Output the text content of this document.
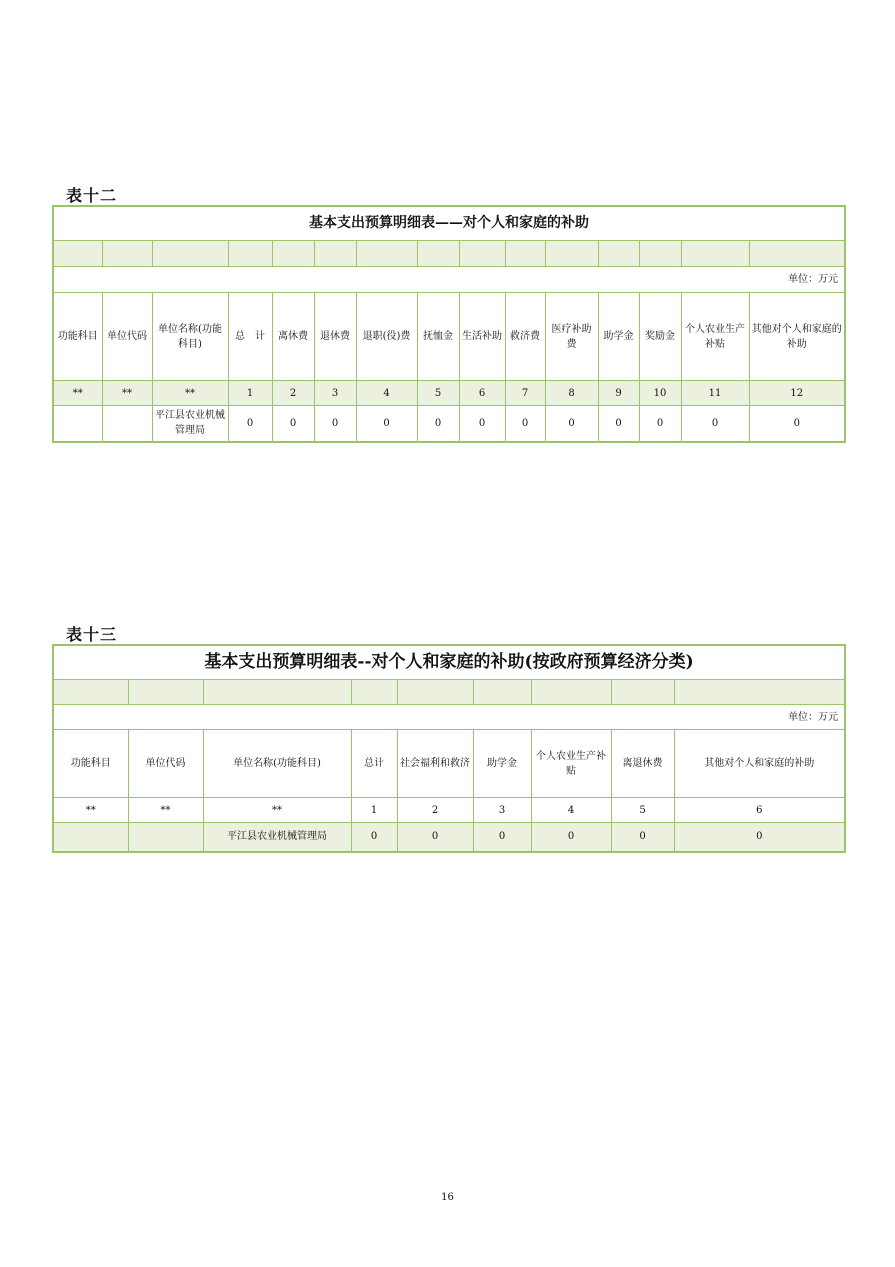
表十二
基本支出预算明细表——对个人和家庭的补助														

单位：万元														
功能科目	单位代码	单位名称(功能科目)	总　计	离休费	退休费	退职(役)费	抚恤金	生活补助	救济费	医疗补助费	助学金	奖励金	个人农业生产补贴	其他对个人和家庭的补助
**	**	**	1	2	3	4	5	6	7	8	9	10	11	12
		平江县农业机械管理局	0	0	0	0	0	0	0	0	0	0	0	0
表十三
基本支出预算明细表--对个人和家庭的补助(按政府预算经济分类)								

单位：万元								
功能科目	单位代码	单位名称(功能科目)	总计	社会福利和救济	助学金	个人农业生产补贴	离退休费	其他对个人和家庭的补助
**	**	**	1	2	3	4	5	6
		平江县农业机械管理局	0	0	0	0	0	0
16
